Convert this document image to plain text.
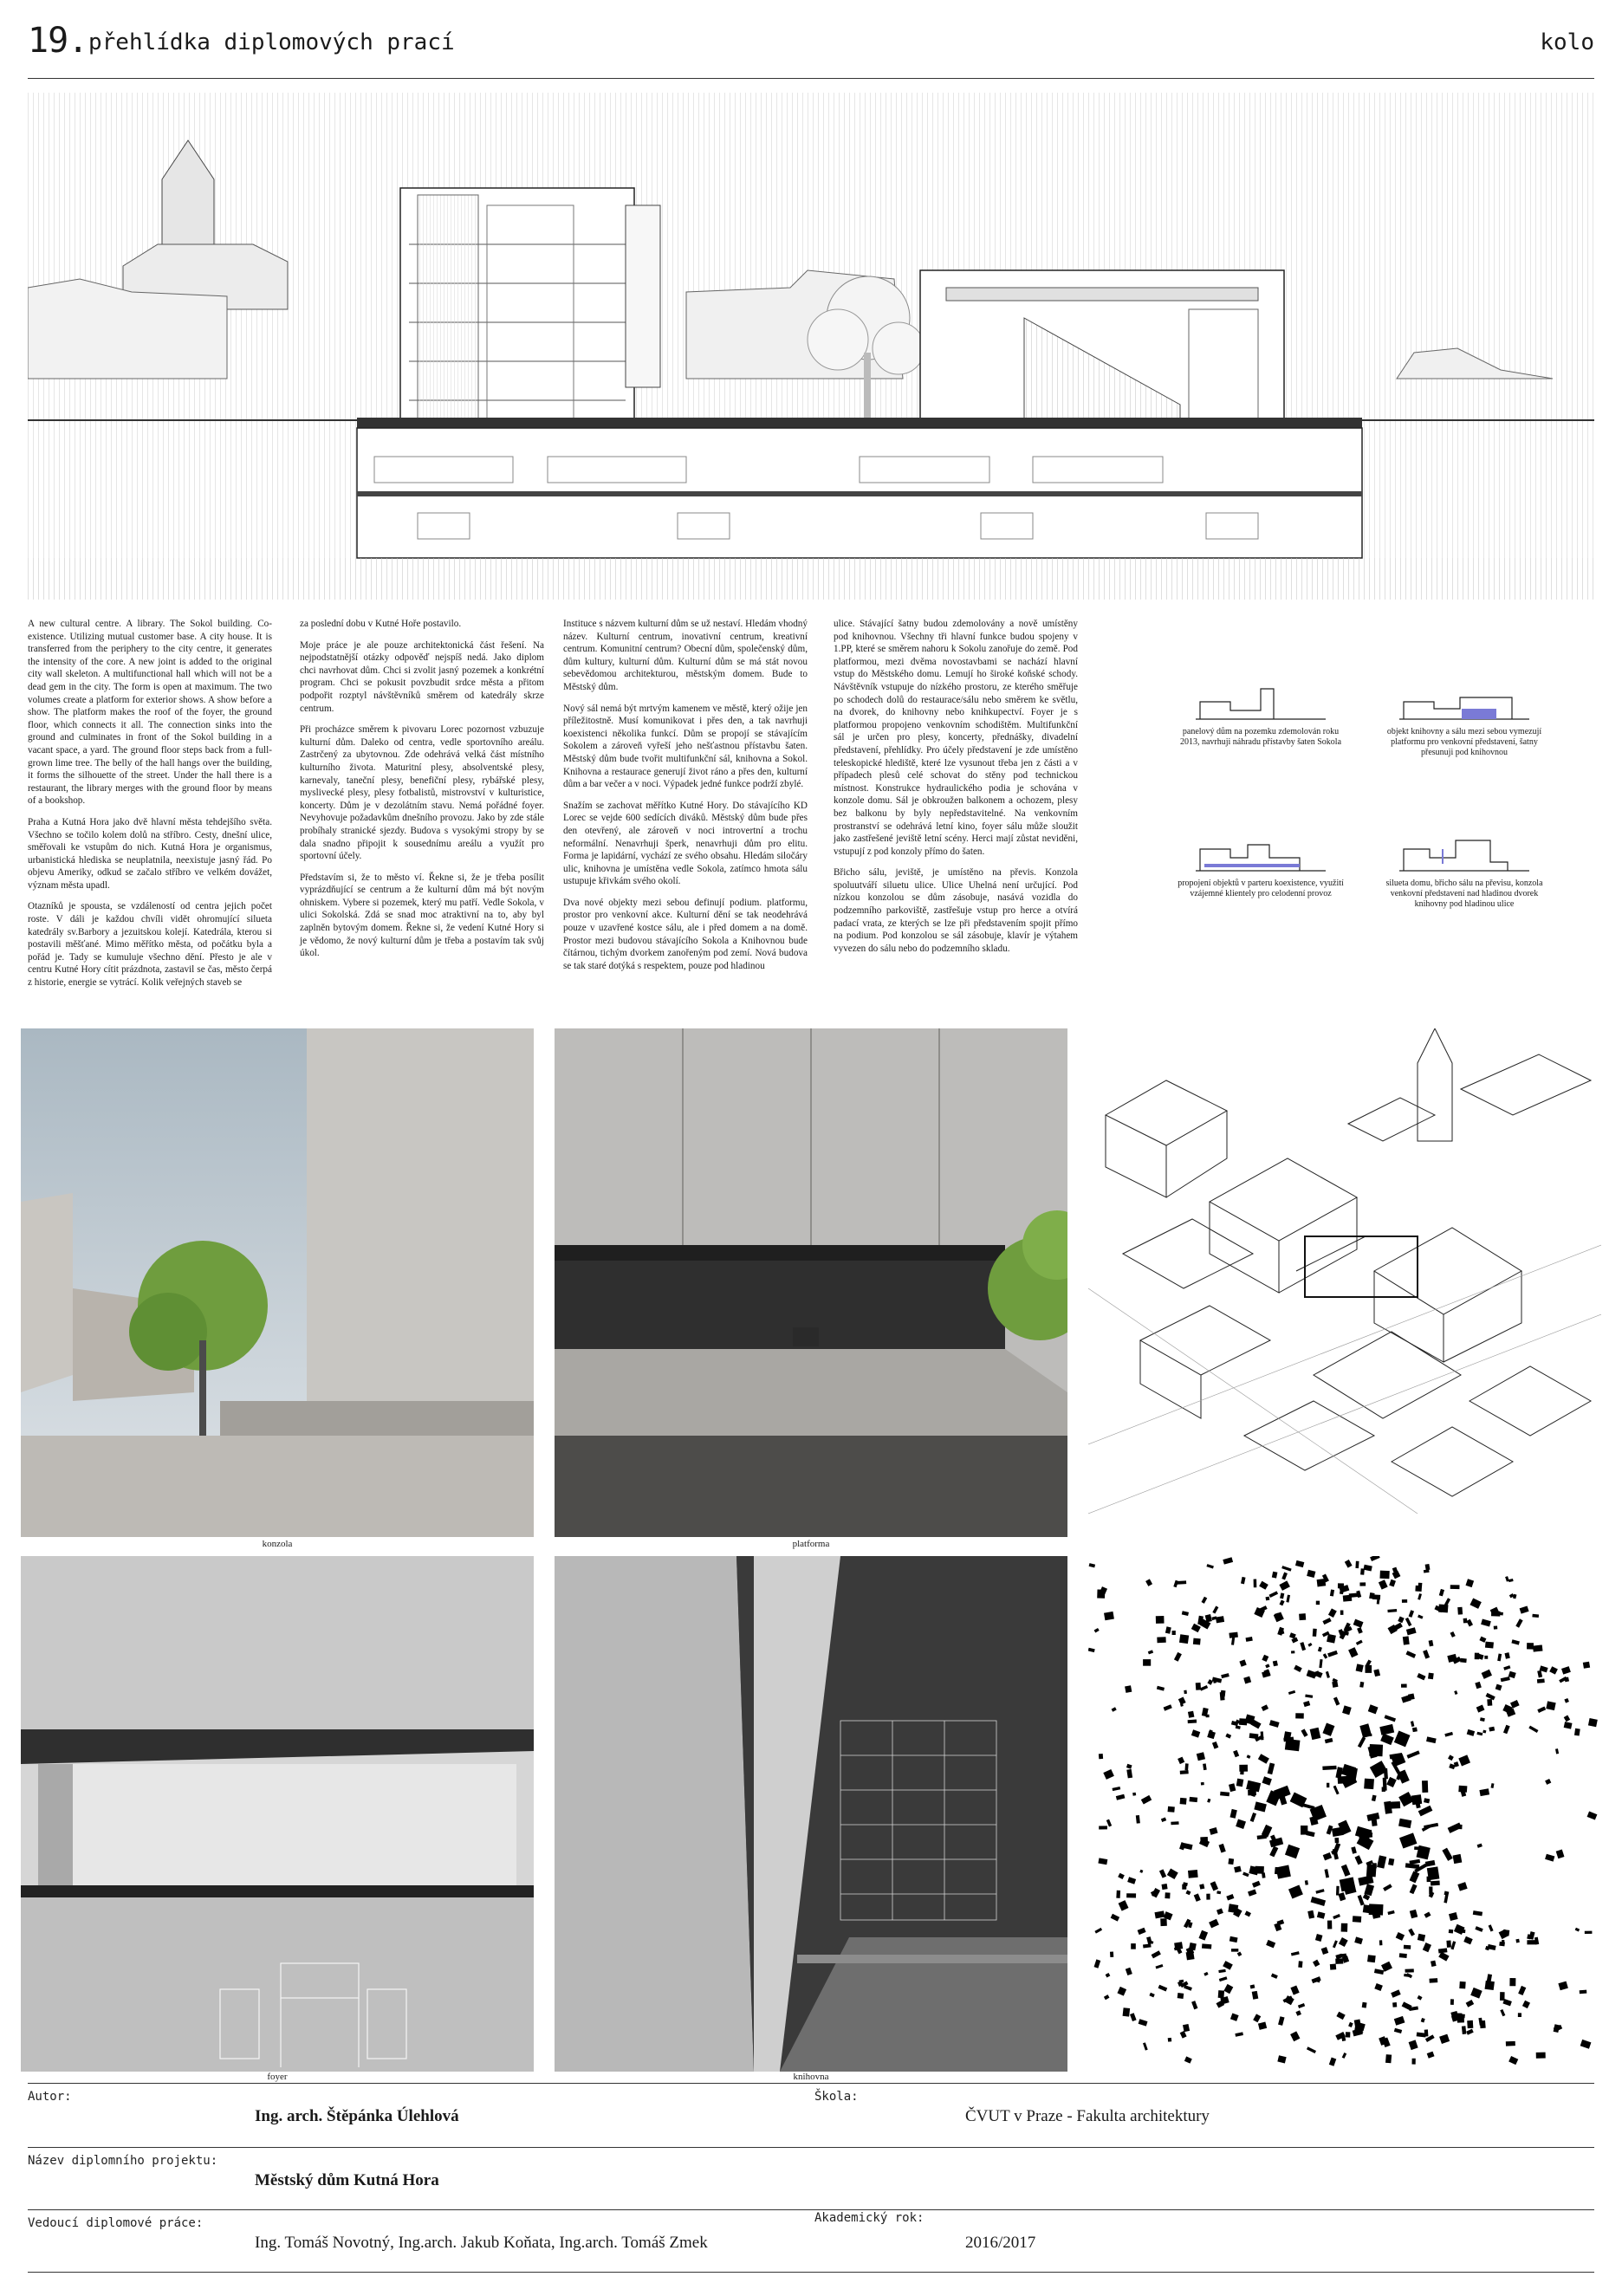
19. přehlídka diplomových prací	kolo

A new cultural centre. A library. The Sokol building. Co-existence. Utilizing mutual customer base. A city house. It is transferred from the periphery to the city centre, it generates the intensity of the core. A new joint is added to the original city wall skeleton. A multifunctional hall which will not be a dead gem in the city. The form is open at maximum. The two volumes create a platform for exterior shows. A show before a show. The platform makes the roof of the foyer, the ground floor, which connects it all. The connection sinks into the ground and culminates in front of the Sokol building in a vacant space, a yard. The ground floor steps back from a full-grown lime tree. The belly of the hall hangs over the building, it forms the silhouette of the street. Under the hall there is a restaurant, the library merges with the ground floor by means of a bookshop.

Praha a Kutná Hora jako dvě hlavní města tehdejšího světa. Všechno se točilo kolem dolů na stříbro. Cesty, dnešní ulice, směřovali ke vstupům do nich. Kutná Hora je organismus, urbanistická hlediska se neuplatnila, neexistuje jasný řád. Po objevu Ameriky, odkud se začalo stříbro ve velkém dovážet, význam města upadl.

Otazníků je spousta, se vzdáleností od centra jejich počet roste. V dáli je každou chvíli vidět ohromující silueta katedrály sv.Barbory a jezuitskou kolejí. Katedrála, kterou si postavili měšťané. Mimo měřítko města, od počátku byla a pořád je. Tady se kumuluje všechno dění. Přesto je ale v centru Kutné Hory cítit prázdnota, zastavil se čas, město čerpá z historie, energie se vytrácí. Kolik veřejných staveb se

za poslední dobu v Kutné Hoře postavilo.

Moje práce je ale pouze architektonická část řešení. Na nejpodstatnější otázky odpověď nejspíš nedá. Jako diplom chci navrhovat dům. Chci si zvolit jasný pozemek a konkrétní program. Chci se pokusit povzbudit srdce města a přitom podpořit rozptyl návštěvníků směrem od katedrály skrze centrum.

Při procházce směrem k pivovaru Lorec pozornost vzbuzuje kulturní dům. Daleko od centra, vedle sportovního areálu. Zastrčený za ubytovnou. Zde odehrává velká část místního kulturního života. Maturitní plesy, absolventské plesy, karnevaly, taneční plesy, benefiční plesy, rybářské plesy, myslivecké plesy, plesy fotbalistů, mistrovství v kulturistice, koncerty. Dům je v dezolátním stavu. Nemá pořádné foyer. Nevyhovuje požadavkům dnešního provozu. Jako by zde stále probíhaly stranické sjezdy. Budova s vysokými stropy by se dala snadno připojit k sousednímu areálu a využít pro sportovní účely.

Představím si, že to město ví. Řekne si, že je třeba posílit vyprázdňující se centrum a že kulturní dům má být novým ohniskem. Vybere si pozemek, který mu patří. Vedle Sokola, v ulici Sokolská. Zdá se snad moc atraktivní na to, aby byl zaplněn bytovým domem. Řekne si, že vedení Kutné Hory si je vědomo, že nový kulturní dům je třeba a postavím tak svůj úkol.

Instituce s názvem kulturní dům se už nestaví. Hledám vhodný název. Kulturní centrum, inovativní centrum, kreativní centrum. Komunitní centrum? Obecní dům, společenský dům, dům kultury, kulturní dům. Kulturní dům se má stát novou sebevědomou architekturou, městským domem. Bude to Městský dům.

Nový sál nemá být mrtvým kamenem ve městě, který ožije jen příležitostně. Musí komunikovat i přes den, a tak navrhuji koexistenci několika funkcí. Dům se propojí se stávajícím Sokolem a zároveň vyřeší jeho nešťastnou přístavbu šaten. Městský dům bude tvořit multifunkční sál, knihovna a Sokol. Knihovna a restaurace generují život ráno a přes den, kulturní dům a bar večer a v noci. Výpadek jedné funkce podrží zbylé.

Snažím se zachovat měřítko Kutné Hory. Do stávajícího KD Lorec se vejde 600 sedících diváků. Městský dům bude přes den otevřený, ale zároveň v noci introvertní a trochu neformální. Nenavrhuji šperk, nenavrhuji dům pro elitu. Forma je lapidární, vychází ze svého obsahu. Hledám siločáry ulic, knihovna je umístěna vedle Sokola, zatímco hmota sálu ustupuje křivkám svého okolí.

Dva nové objekty mezi sebou definují podium. platformu, prostor pro venkovní akce. Kulturní dění se tak neodehrává pouze v uzavřené kostce sálu, ale i před domem a na domě. Prostor mezi budovou stávajícího Sokola a Knihovnou bude čítárnou, tichým dvorkem zanořeným pod zemí. Nová budova se tak staré dotýká s respektem, pouze pod hladinou

ulice. Stávající šatny budou zdemolovány a nově umístěny pod knihovnou. Všechny tři hlavní funkce budou spojeny v 1.PP, které se směrem nahoru k Sokolu zanořuje do země. Pod platformou, mezi dvěma novostavbami se nachází hlavní vstup do Městského domu. Lemují ho široké koňské schody. Návštěvník vstupuje do nízkého prostoru, ze kterého směřuje po schodech dolů do restaurace/sálu nebo směrem ke světlu, na dvorek, do knihovny nebo knihkupectví. Foyer je s platformou propojeno venkovním schodištěm. Multifunkční sál je určen pro plesy, koncerty, přednášky, divadelní představení, přehlídky. Pro účely představení je zde umístěno teleskopické hlediště, které lze vysunout třeba jen z části a v případech plesů celé schovat do stěny pod technickou místnost. Konstrukce hydraulického podia je schována v konzole domu. Sál je obkroužen balkonem a ochozem, plesy bez balkonu by byly nepředstavitelné. Na venkovním prostranství se odehrává letní kino, foyer sálu může sloužit jako zastřešené jeviště letní scény. Herci mají zůstat neviděni, vstupují z pod konzoly přímo do šaten.

Břicho sálu, jeviště, je umístěno na převis. Konzola spoluutváří siluetu ulice. Ulice Uhelná není určující. Pod nízkou konzolou se dům zásobuje, nasává vozidla do podzemního parkoviště, zastřešuje vstup pro herce a otvírá padací vrata, ze kterých se lze při představením spojit přímo na podium. Pod konzolou se sál zásobuje, klavír je výtahem vyvezen do sálu nebo do podzemního skladu.

panelový dům na pozemku zdemolován roku 2013, navrhuji náhradu přístavby šaten Sokola
objekt knihovny a sálu mezi sebou vymezují platformu pro venkovní představení, šatny přesunuji pod knihovnou
propojení objektů v parteru koexistence, využití vzájemné klientely pro celodenní provoz
silueta domu, břicho sálu na převisu, konzola venkovní představení nad hladinou dvorek knihovny pod hladinou ulice
konzola	platforma
foyer	knihovna
Autor:
Ing. arch. Štěpánka Úlehlová
Škola:
ČVUT v Praze - Fakulta architektury
Název diplomního projektu:
Městský dům Kutná Hora
Vedoucí diplomové práce:
Ing. Tomáš Novotný, Ing.arch. Jakub Koňata, Ing.arch. Tomáš Zmek
Akademický rok:
2016/2017
